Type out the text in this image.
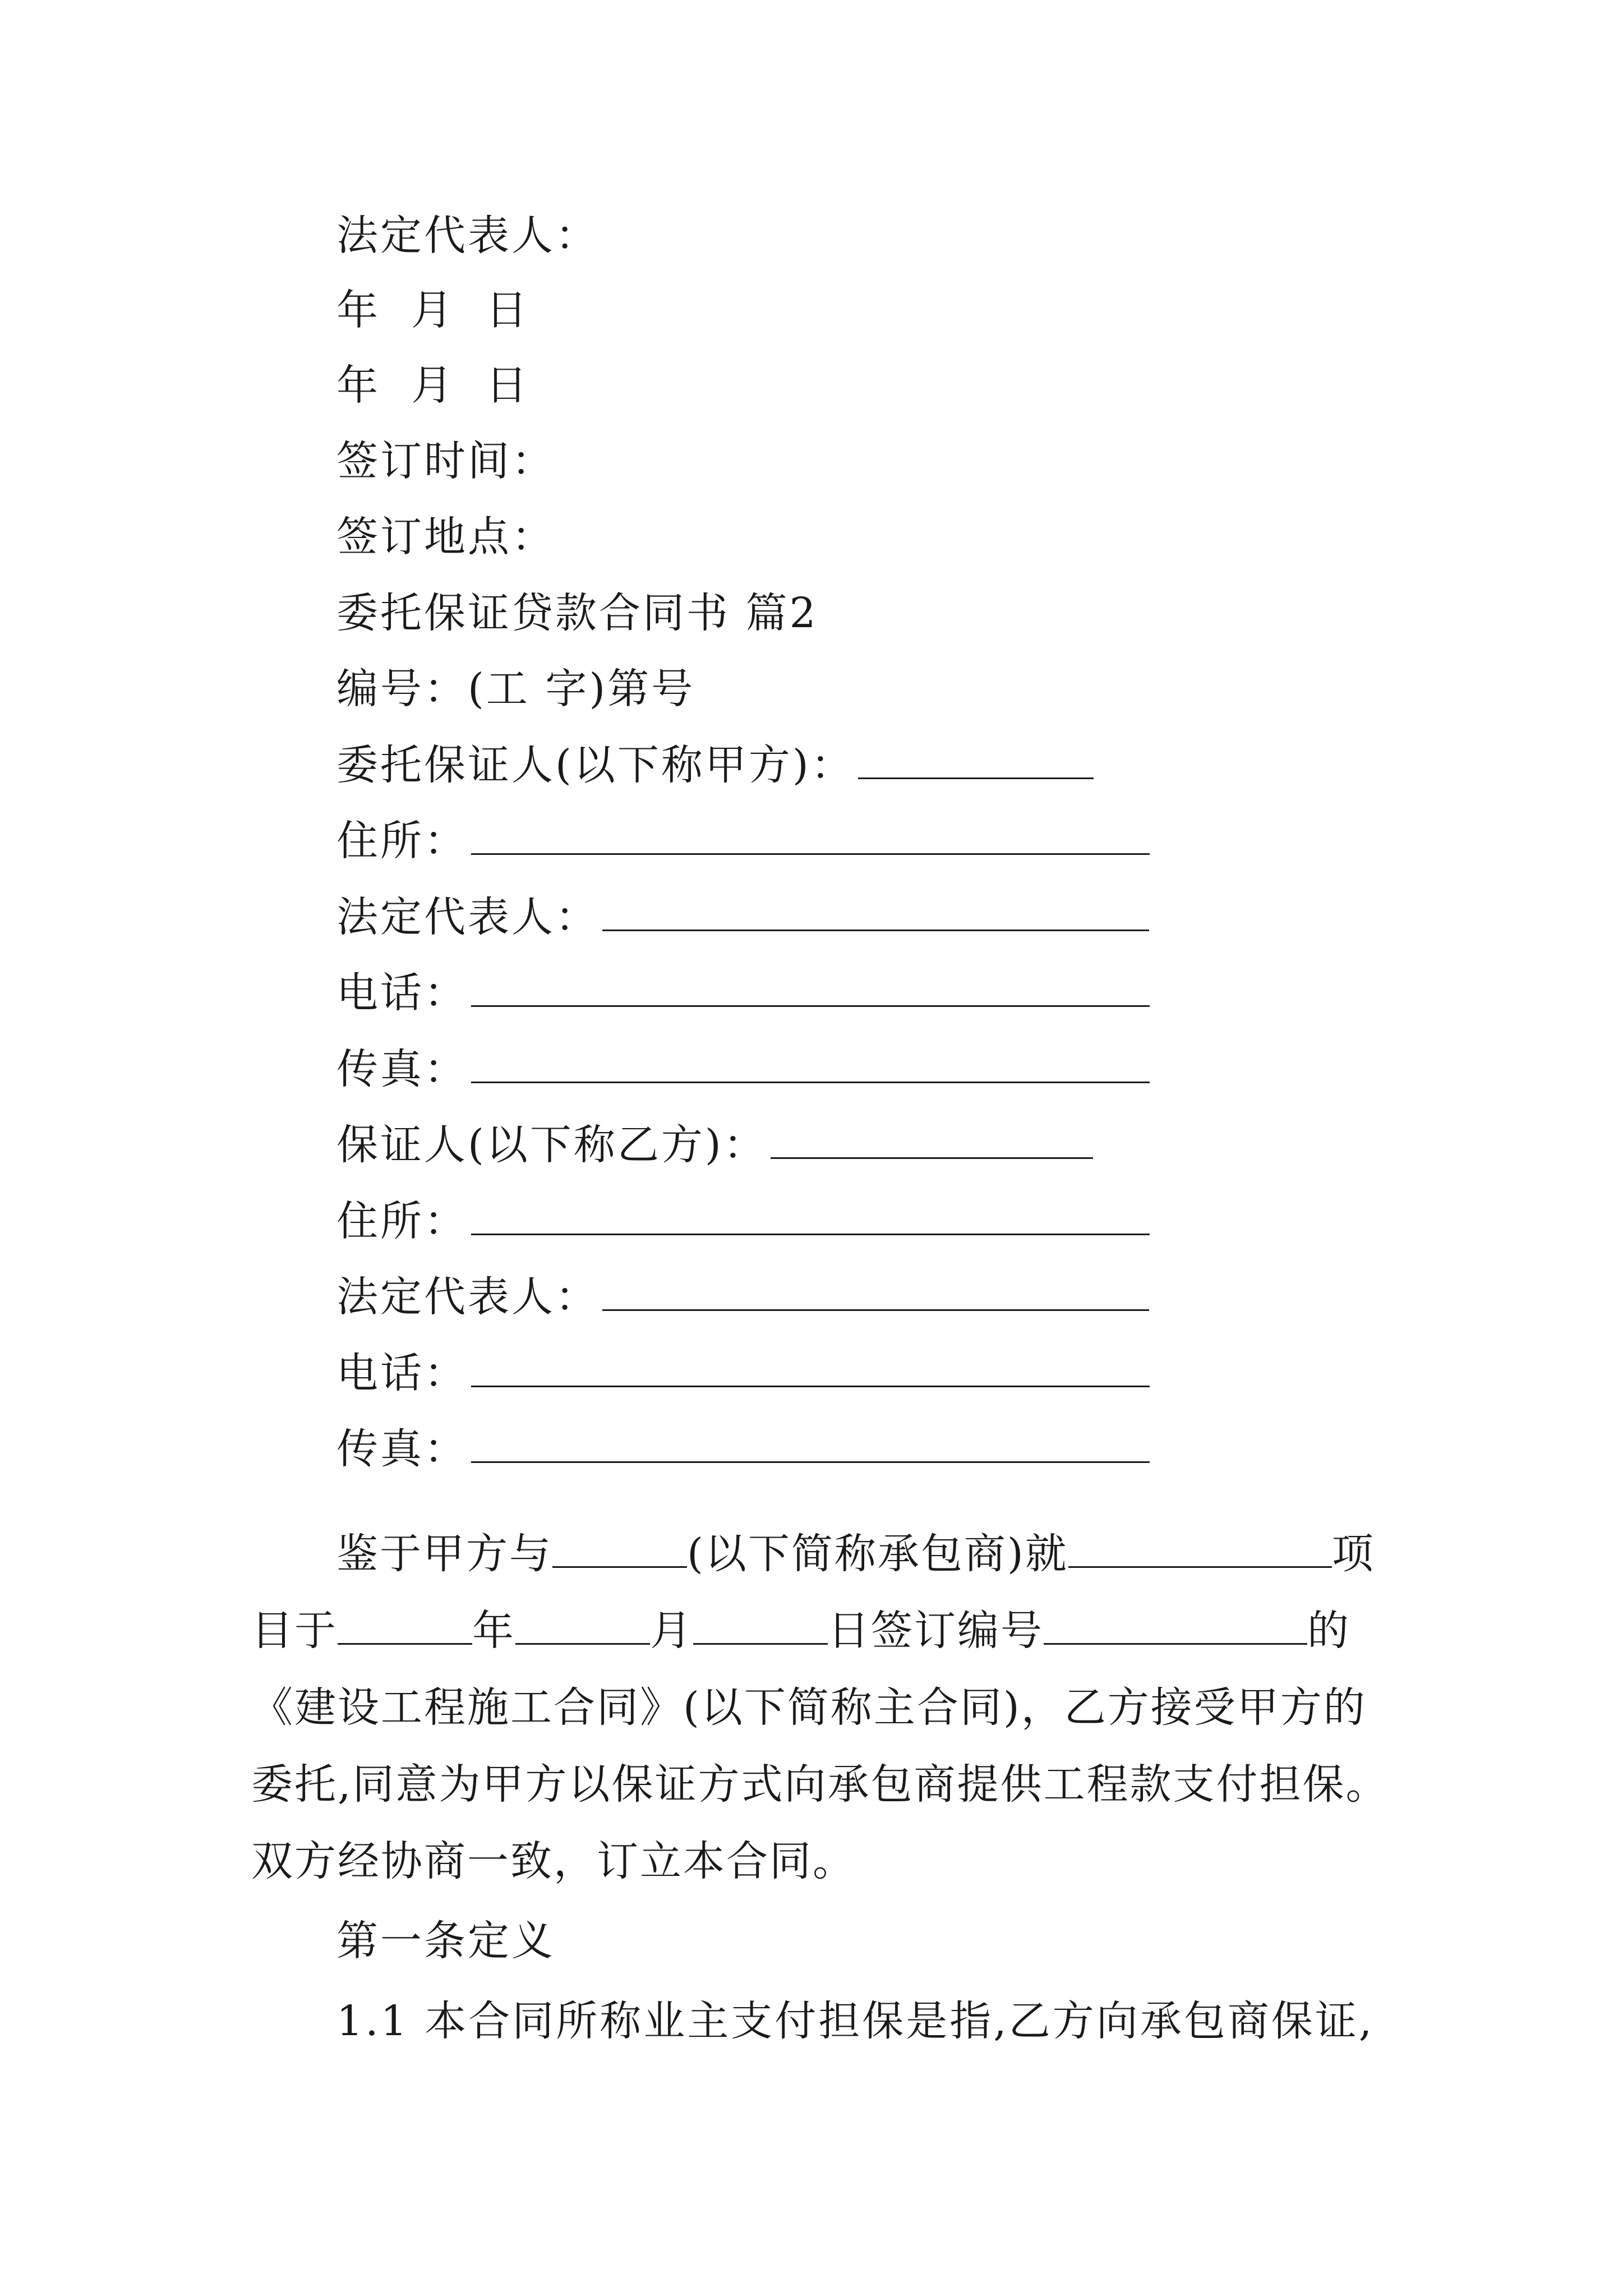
法定代表人：
年  月  日
年  月  日
签订时间：
签订地点：
委托保证贷款合同书 篇2
编号：(工 字)第号
委托保证人(以下称甲方)：
住所：
法定代表人：
电话：
传真：
保证人(以下称乙方)：
住所：
法定代表人：
电话：
传真：
鉴于甲方与	(以下简称承包商)就	项
目于	年	月	日签订编号	的
《建设工程施工合同》(以下简称主合同)，乙方接受甲方的
委托,同意为甲方以保证方式向承包商提供工程款支付担保。
双方经协商一致，订立本合同。
第一条定义
1.1 本合同所称业主支付担保是指,乙方向承包商保证,
